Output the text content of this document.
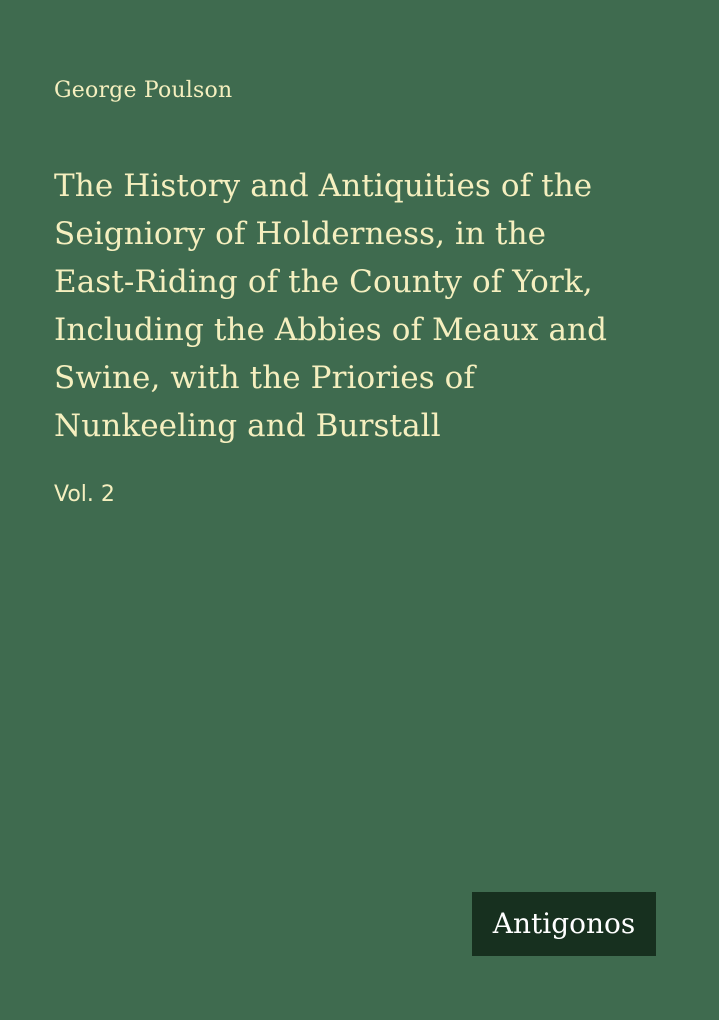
George Poulson
The History and Antiquities of the
Seigniory of Holderness, in the
East-Riding of the County of York,
Including the Abbies of Meaux and
Swine, with the Priories of
Nunkeeling and Burstall
Vol. 2
Antigonos
